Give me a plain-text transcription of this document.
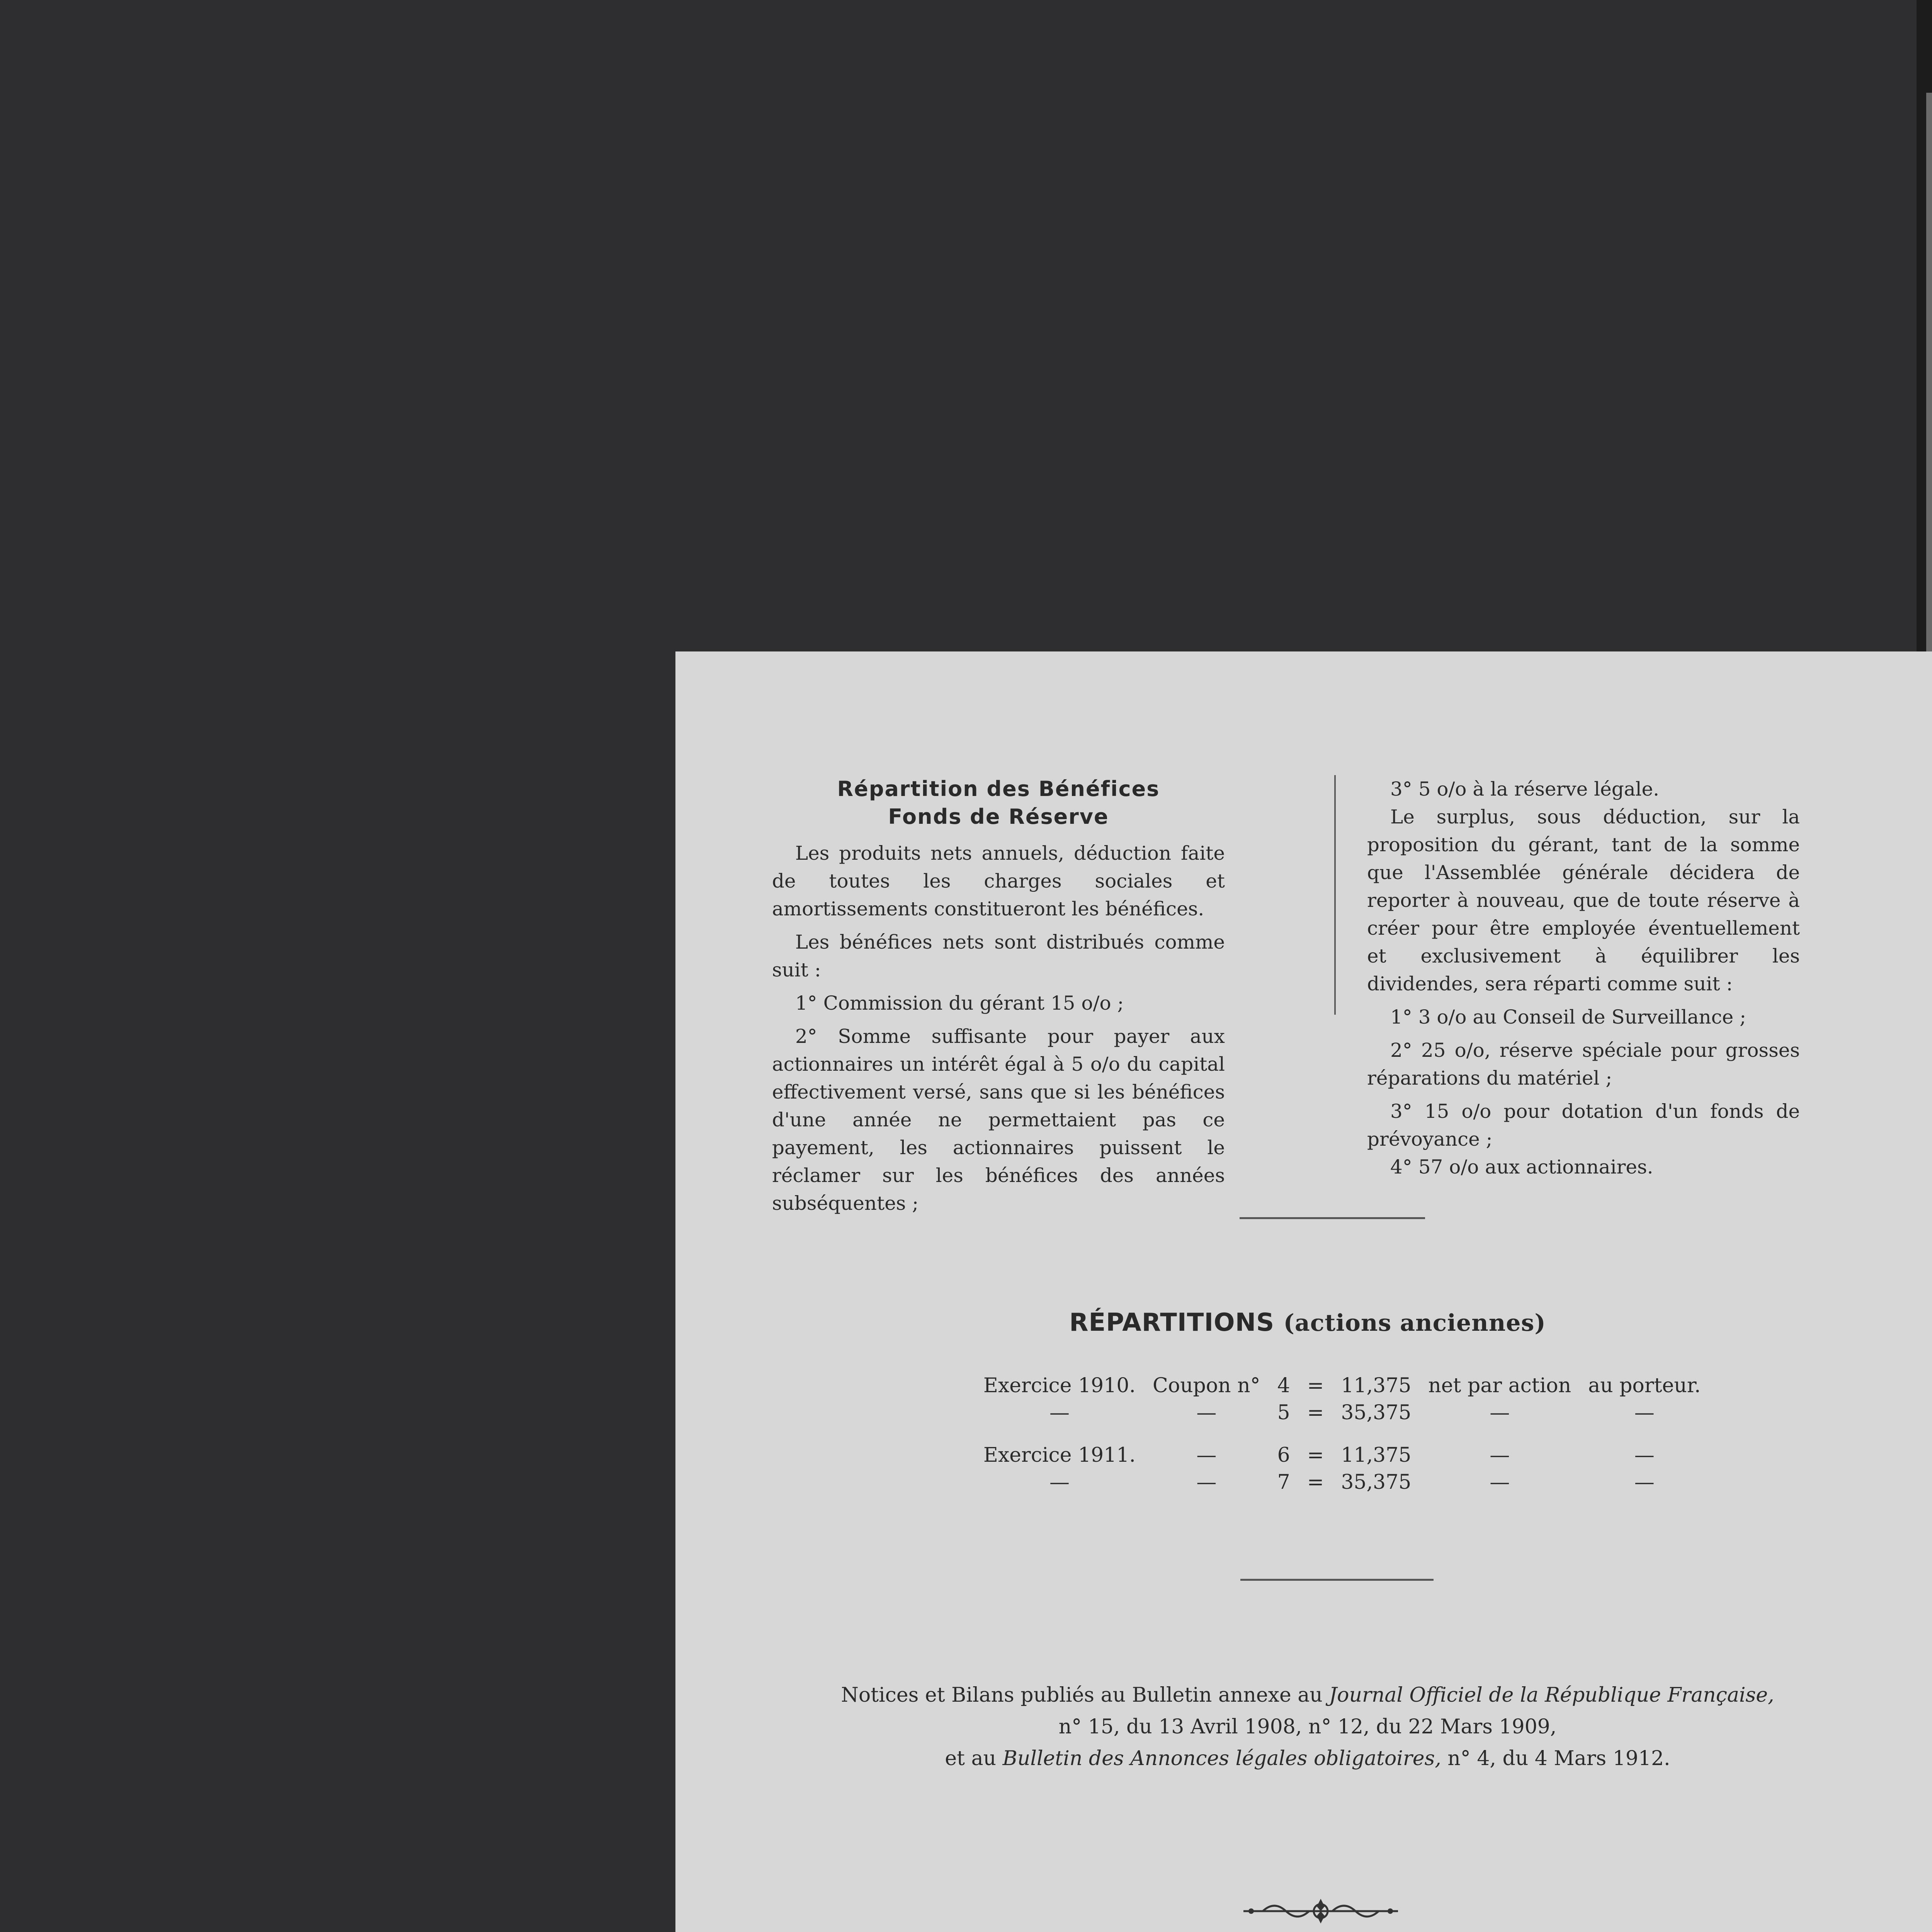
Répartition des Bénéfices

Fonds de Réserve

Les produits nets annuels, déduction faite de toutes les charges sociales et amortissements constitueront les bénéfices.

Les bénéfices nets sont distribués comme suit :

1° Commission du gérant 15 o/o ;

2° Somme suffisante pour payer aux actionnaires un intérêt égal à 5 o/o du capital effectivement versé, sans que si les bénéfices d'une année ne permettaient pas ce payement, les actionnaires puissent le réclamer sur les bénéfices des années subséquentes ;

3° 5 o/o à la réserve légale.

Le surplus, sous déduction, sur la proposition du gérant, tant de la somme que l'Assemblée générale décidera de reporter à nouveau, que de toute réserve à créer pour être employée éventuellement et exclusivement à équilibrer les dividendes, sera réparti comme suit :

1° 3 o/o au Conseil de Surveillance ;

2° 25 o/o, réserve spéciale pour grosses réparations du matériel ;

3° 15 o/o pour dotation d'un fonds de prévoyance ;

4° 57 o/o aux actionnaires.

RÉPARTITIONS (actions anciennes)
Exercice 1910.	Coupon n°	4	=	11,375	net par action	au porteur.
—	—	5	=	35,375	—	—
Exercice 1911.	—	6	=	11,375	—	—
—	—	7	=	35,375	—	—

Notices et Bilans publiés au Bulletin annexe au Journal Officiel de la République Française,

n° 15, du 13 Avril 1908, n° 12, du 22 Mars 1909,

et au Bulletin des Annonces légales obligatoires, n° 4, du 4 Mars 1912.
